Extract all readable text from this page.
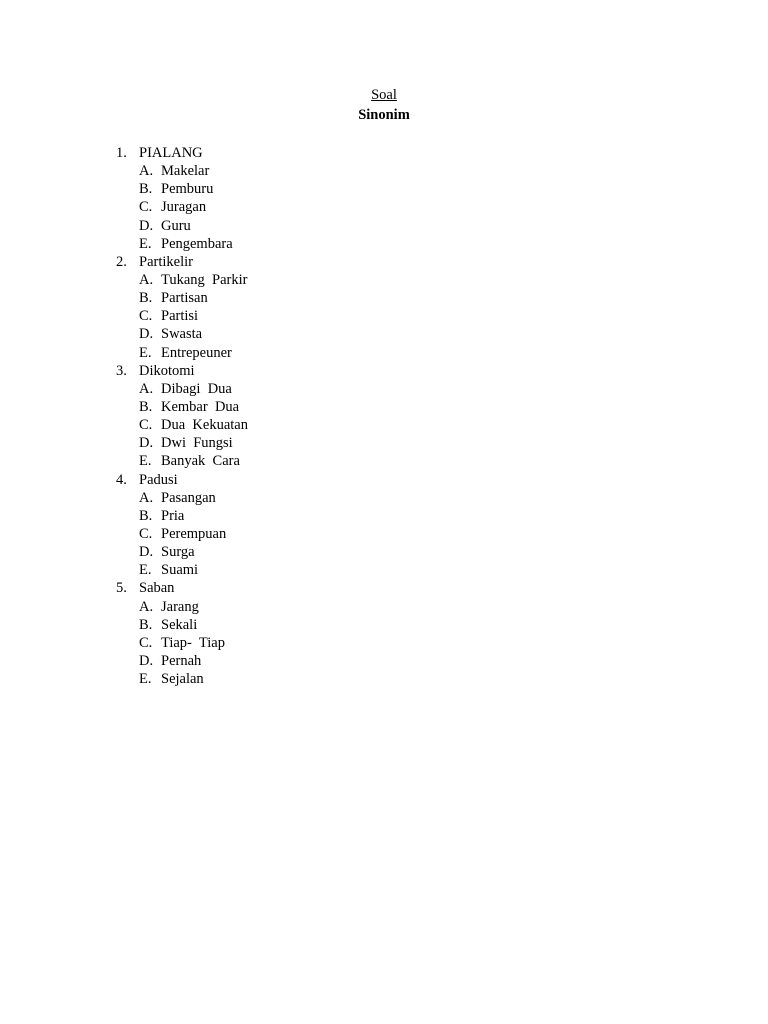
Soal
Sinonim
1. PIALANG
A. Makelar
B. Pemburu
C. Juragan
D. Guru
E. Pengembara
2. Partikelir
A. Tukang  Parkir
B. Partisan
C. Partisi
D. Swasta
E. Entrepeuner
3. Dikotomi
A. Dibagi  Dua
B. Kembar  Dua
C. Dua  Kekuatan
D. Dwi  Fungsi
E. Banyak  Cara
4. Padusi
A. Pasangan
B. Pria
C. Perempuan
D. Surga
E. Suami
5. Saban
A. Jarang
B. Sekali
C. Tiap-  Tiap
D. Pernah
E. Sejalan
